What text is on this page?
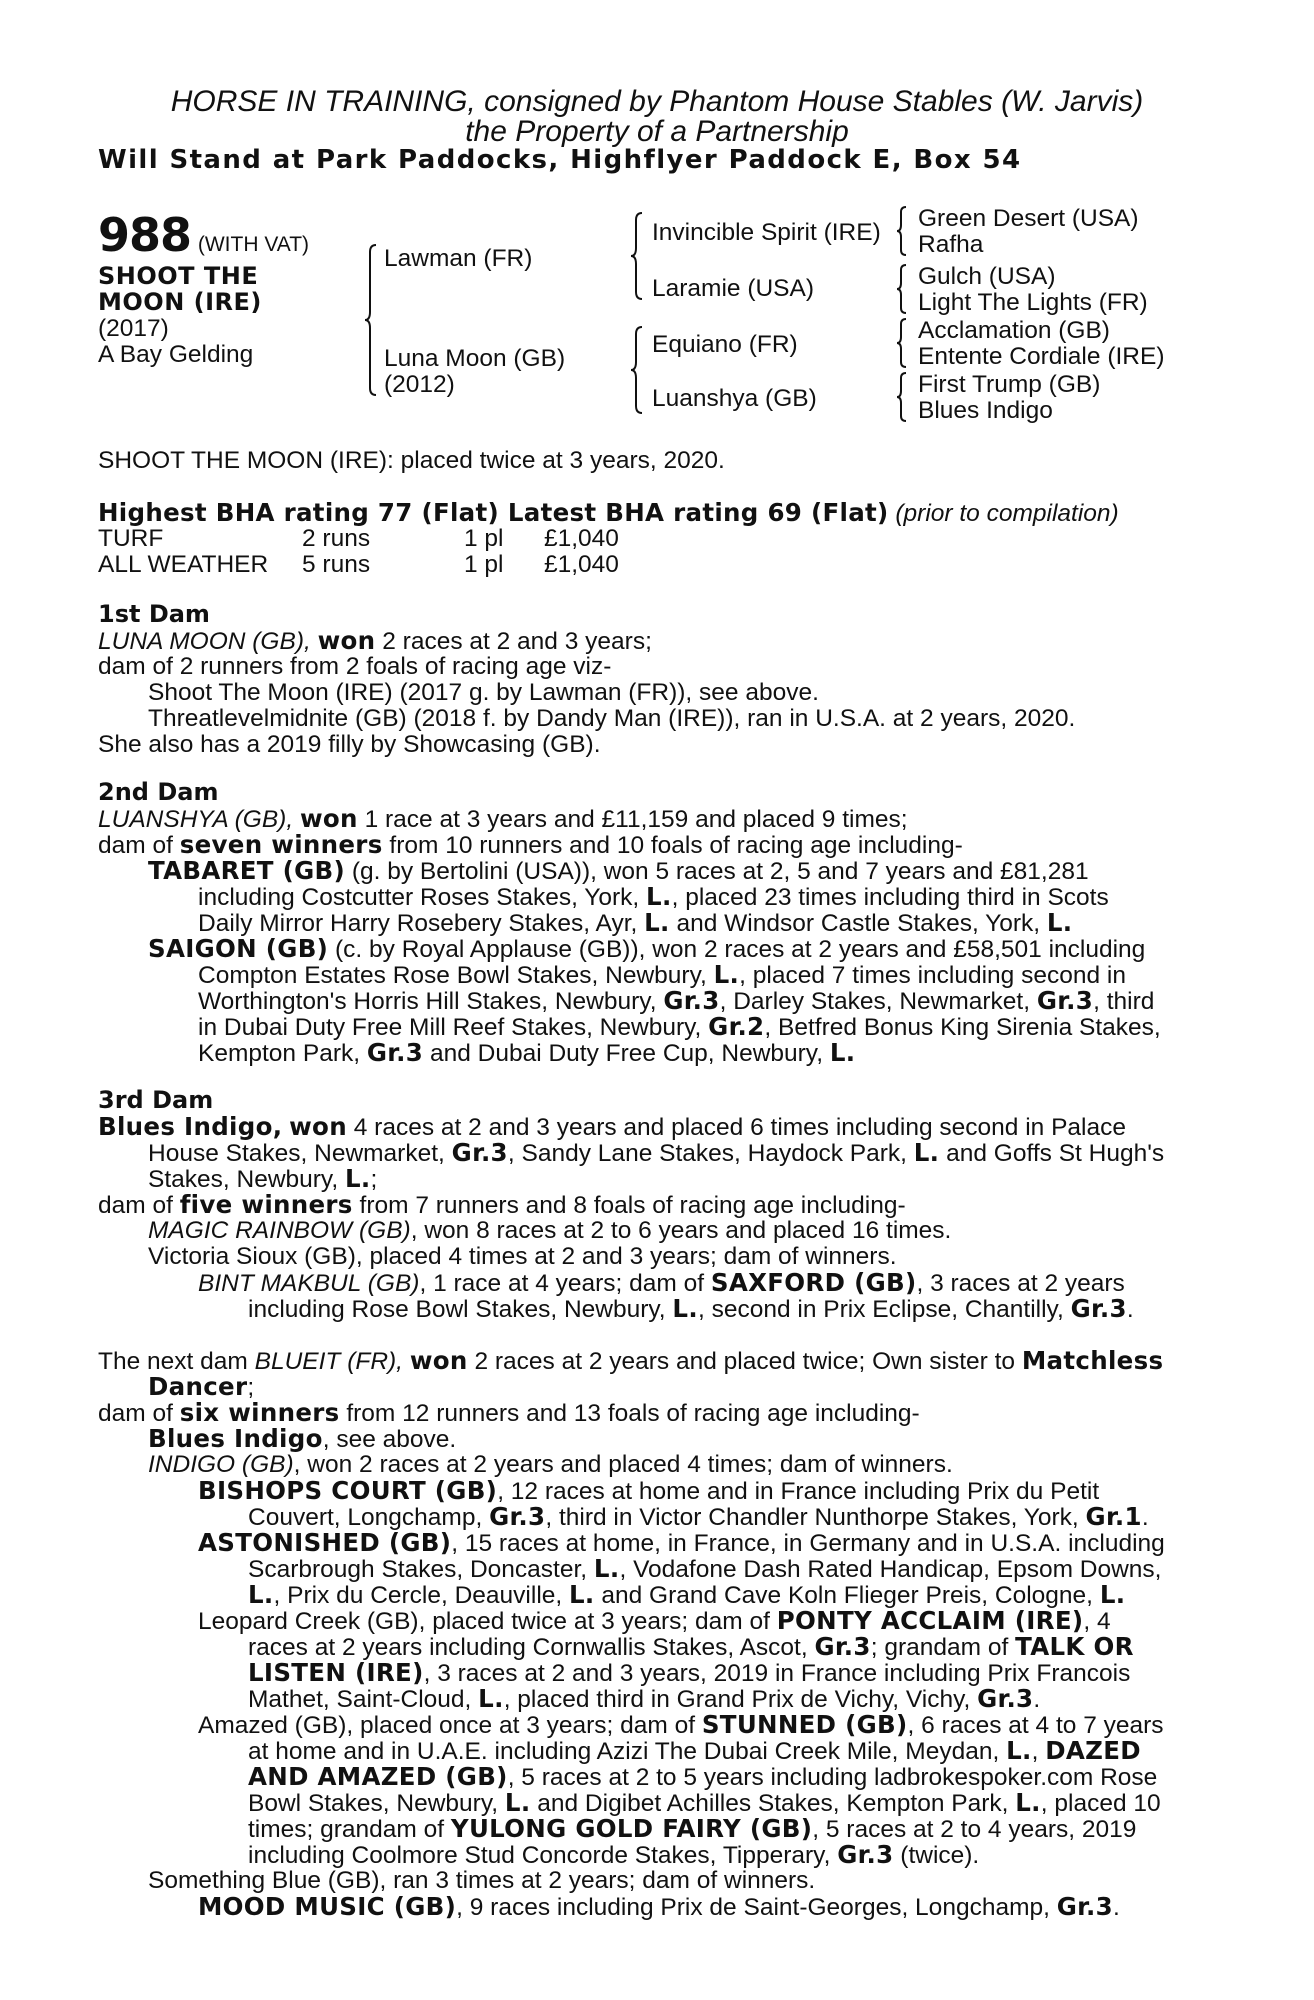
HORSE IN TRAINING, consigned by Phantom House Stables (W. Jarvis)
the Property of a Partnership
Will Stand at Park Paddocks, Highflyer Paddock E, Box 54
988 (WITH VAT)
SHOOT THE
MOON (IRE)
(2017)
A Bay Gelding
Lawman (FR)
Luna Moon (GB)
(2012)
Invincible Spirit (IRE)
Laramie (USA)
Equiano (FR)
Luanshya (GB)
Green Desert (USA)
Rafha
Gulch (USA)
Light The Lights (FR)
Acclamation (GB)
Entente Cordiale (IRE)
First Trump (GB)
Blues Indigo
SHOOT THE MOON (IRE): placed twice at 3 years, 2020.
Highest BHA rating 77 (Flat) Latest BHA rating 69 (Flat) (prior to compilation)
TURF	2 runs	1 pl £1,040
ALL WEATHER 5 runs	1 pl £1,040
1st Dam
LUNA MOON (GB), won 2 races at 2 and 3 years;
dam of 2 runners from 2 foals of racing age viz-
Shoot The Moon (IRE) (2017 g. by Lawman (FR)), see above.
Threatlevelmidnite (GB) (2018 f. by Dandy Man (IRE)), ran in U.S.A. at 2 years, 2020.
She also has a 2019 filly by Showcasing (GB).
2nd Dam
LUANSHYA (GB), won 1 race at 3 years and £11,159 and placed 9 times;
dam of seven winners from 10 runners and 10 foals of racing age including-
TABARET (GB) (g. by Bertolini (USA)), won 5 races at 2, 5 and 7 years and £81,281
including Costcutter Roses Stakes, York, L., placed 23 times including third in Scots
Daily Mirror Harry Rosebery Stakes, Ayr, L. and Windsor Castle Stakes, York, L.
SAIGON (GB) (c. by Royal Applause (GB)), won 2 races at 2 years and £58,501 including
Compton Estates Rose Bowl Stakes, Newbury, L., placed 7 times including second in
Worthington's Horris Hill Stakes, Newbury, Gr.3, Darley Stakes, Newmarket, Gr.3, third
in Dubai Duty Free Mill Reef Stakes, Newbury, Gr.2, Betfred Bonus King Sirenia Stakes,
Kempton Park, Gr.3 and Dubai Duty Free Cup, Newbury, L.
3rd Dam
Blues Indigo, won 4 races at 2 and 3 years and placed 6 times including second in Palace
House Stakes, Newmarket, Gr.3, Sandy Lane Stakes, Haydock Park, L. and Goffs St Hugh's
Stakes, Newbury, L.;
dam of five winners from 7 runners and 8 foals of racing age including-
MAGIC RAINBOW (GB), won 8 races at 2 to 6 years and placed 16 times.
Victoria Sioux (GB), placed 4 times at 2 and 3 years; dam of winners.
BINT MAKBUL (GB), 1 race at 4 years; dam of SAXFORD (GB), 3 races at 2 years
including Rose Bowl Stakes, Newbury, L., second in Prix Eclipse, Chantilly, Gr.3.
The next dam BLUEIT (FR), won 2 races at 2 years and placed twice; Own sister to Matchless
Dancer;
dam of six winners from 12 runners and 13 foals of racing age including-
Blues Indigo, see above.
INDIGO (GB), won 2 races at 2 years and placed 4 times; dam of winners.
BISHOPS COURT (GB), 12 races at home and in France including Prix du Petit
Couvert, Longchamp, Gr.3, third in Victor Chandler Nunthorpe Stakes, York, Gr.1.
ASTONISHED (GB), 15 races at home, in France, in Germany and in U.S.A. including
Scarbrough Stakes, Doncaster, L., Vodafone Dash Rated Handicap, Epsom Downs,
L., Prix du Cercle, Deauville, L. and Grand Cave Koln Flieger Preis, Cologne, L.
Leopard Creek (GB), placed twice at 3 years; dam of PONTY ACCLAIM (IRE), 4
races at 2 years including Cornwallis Stakes, Ascot, Gr.3; grandam of TALK OR
LISTEN (IRE), 3 races at 2 and 3 years, 2019 in France including Prix Francois
Mathet, Saint-Cloud, L., placed third in Grand Prix de Vichy, Vichy, Gr.3.
Amazed (GB), placed once at 3 years; dam of STUNNED (GB), 6 races at 4 to 7 years
at home and in U.A.E. including Azizi The Dubai Creek Mile, Meydan, L., DAZED
AND AMAZED (GB), 5 races at 2 to 5 years including ladbrokespoker.com Rose
Bowl Stakes, Newbury, L. and Digibet Achilles Stakes, Kempton Park, L., placed 10
times; grandam of YULONG GOLD FAIRY (GB), 5 races at 2 to 4 years, 2019
including Coolmore Stud Concorde Stakes, Tipperary, Gr.3 (twice).
Something Blue (GB), ran 3 times at 2 years; dam of winners.
MOOD MUSIC (GB), 9 races including Prix de Saint-Georges, Longchamp, Gr.3.
